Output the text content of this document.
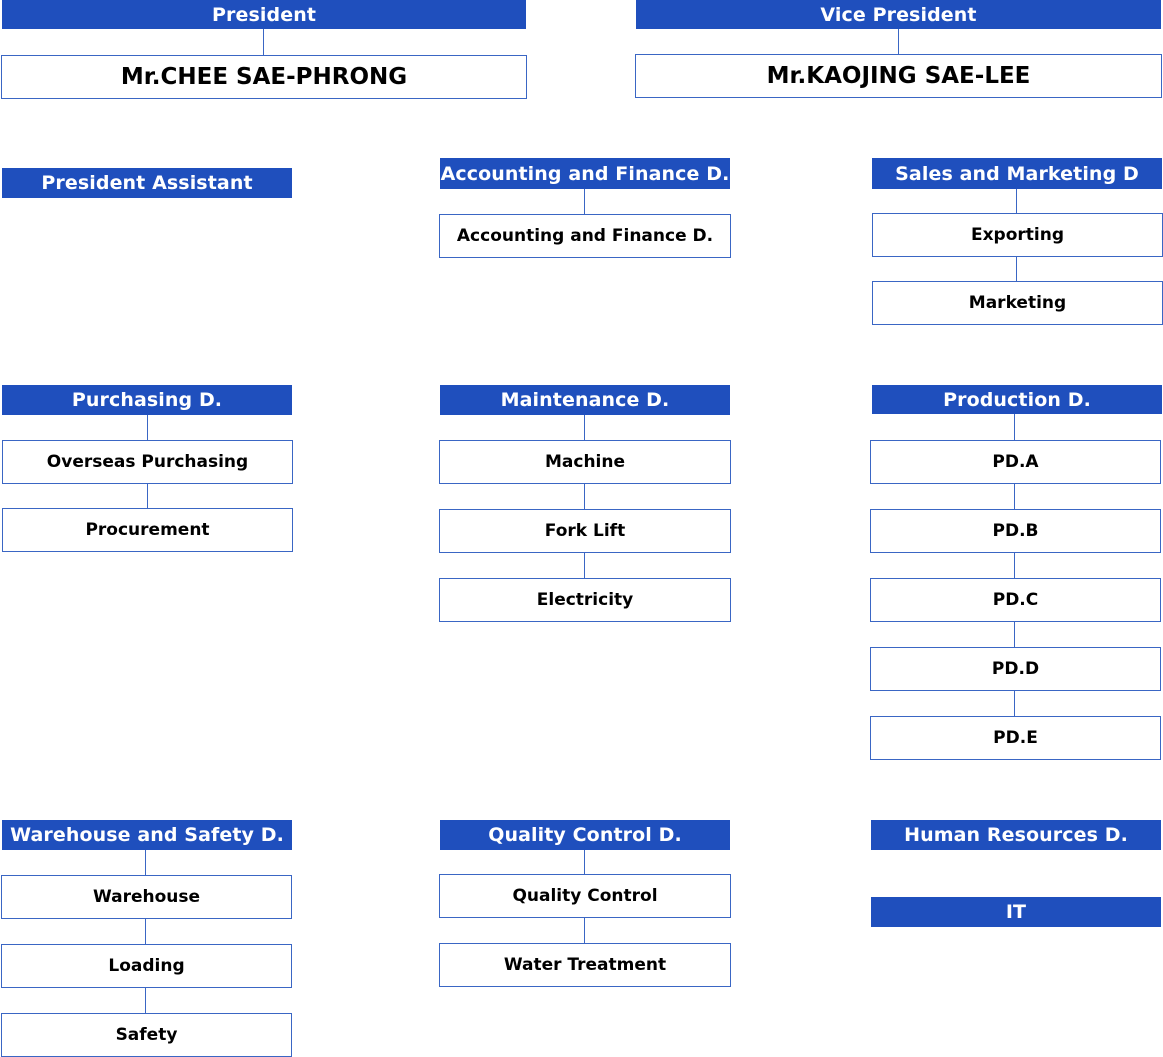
President
Mr.CHEE SAE-PHRONG
Vice President
Mr.KAOJING SAE-LEE
President Assistant	Accounting and Finance D.
Accounting and Finance D.
Sales and Marketing D
Exporting
Marketing
Purchasing D.
Overseas Purchasing
Procurement
Maintenance D.
Machine
Fork Lift
Electricity
Production D.
PD.A
PD.B
PD.C
PD.D
PD.E
Warehouse and Safety D.
Warehouse
Loading
Safety
Quality Control D.
Quality Control
Water Treatment
Human Resources D.
IT
